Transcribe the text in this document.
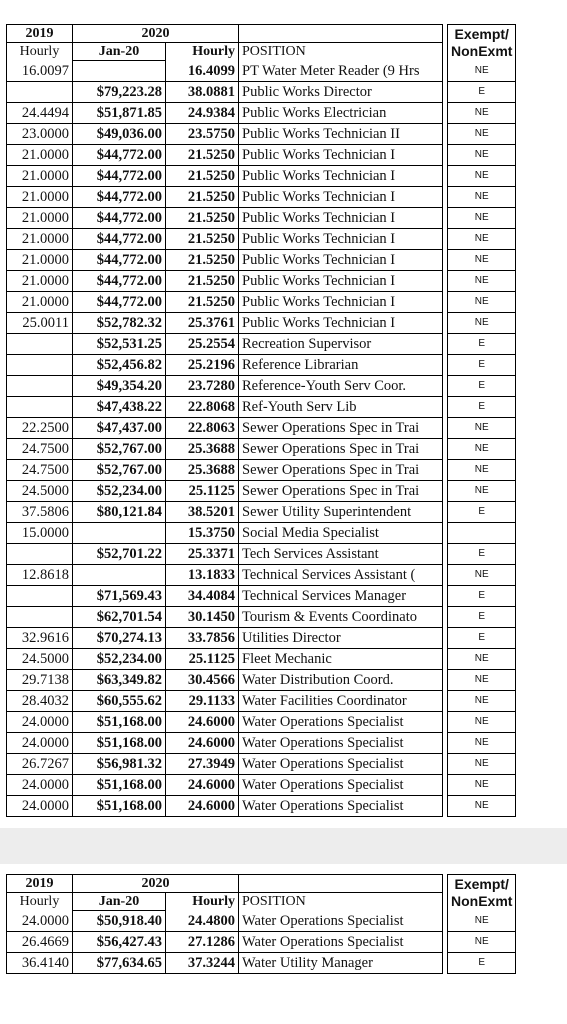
2019	2020				Exempt/
NonExmt

Hourly	Jan-20	Hourly	POSITION		
16.0097		16.4099	PT Water Meter Reader (9 Hrs		NE
	$79,223.28	38.0881	Public Works Director		E
24.4494	$51,871.85	24.9384	Public Works Electrician		NE
23.0000	$49,036.00	23.5750	Public Works Technician II		NE
21.0000	$44,772.00	21.5250	Public Works Technician I		NE
21.0000	$44,772.00	21.5250	Public Works Technician I		NE
21.0000	$44,772.00	21.5250	Public Works Technician I		NE
21.0000	$44,772.00	21.5250	Public Works Technician I		NE
21.0000	$44,772.00	21.5250	Public Works Technician I		NE
21.0000	$44,772.00	21.5250	Public Works Technician I		NE
21.0000	$44,772.00	21.5250	Public Works Technician I		NE
21.0000	$44,772.00	21.5250	Public Works Technician I		NE
25.0011	$52,782.32	25.3761	Public Works Technician I		NE
	$52,531.25	25.2554	Recreation Supervisor		E
	$52,456.82	25.2196	Reference Librarian		E
	$49,354.20	23.7280	Reference-Youth Serv Coor.		E
	$47,438.22	22.8068	Ref-Youth Serv Lib		E
22.2500	$47,437.00	22.8063	Sewer Operations Spec in Trai		NE
24.7500	$52,767.00	25.3688	Sewer Operations Spec in Trai		NE
24.7500	$52,767.00	25.3688	Sewer Operations Spec in Trai		NE
24.5000	$52,234.00	25.1125	Sewer Operations Spec in Trai		NE
37.5806	$80,121.84	38.5201	Sewer Utility Superintendent		E
15.0000		15.3750	Social Media Specialist		
	$52,701.22	25.3371	Tech Services Assistant		E
12.8618		13.1833	Technical Services Assistant (		NE
	$71,569.43	34.4084	Technical Services Manager		E
	$62,701.54	30.1450	Tourism & Events Coordinato		E
32.9616	$70,274.13	33.7856	Utilities Director		E
24.5000	$52,234.00	25.1125	Fleet Mechanic		NE
29.7138	$63,349.82	30.4566	Water Distribution Coord.		NE
28.4032	$60,555.62	29.1133	Water Facilities Coordinator		NE
24.0000	$51,168.00	24.6000	Water Operations Specialist		NE
24.0000	$51,168.00	24.6000	Water Operations Specialist		NE
26.7267	$56,981.32	27.3949	Water Operations Specialist		NE
24.0000	$51,168.00	24.6000	Water Operations Specialist		NE
24.0000	$51,168.00	24.6000	Water Operations Specialist		NE
2019	2020				Exempt/
NonExmt

Hourly	Jan-20	Hourly	POSITION		
24.0000	$50,918.40	24.4800	Water Operations Specialist		NE
26.4669	$56,427.43	27.1286	Water Operations Specialist		NE
36.4140	$77,634.65	37.3244	Water Utility Manager		E
